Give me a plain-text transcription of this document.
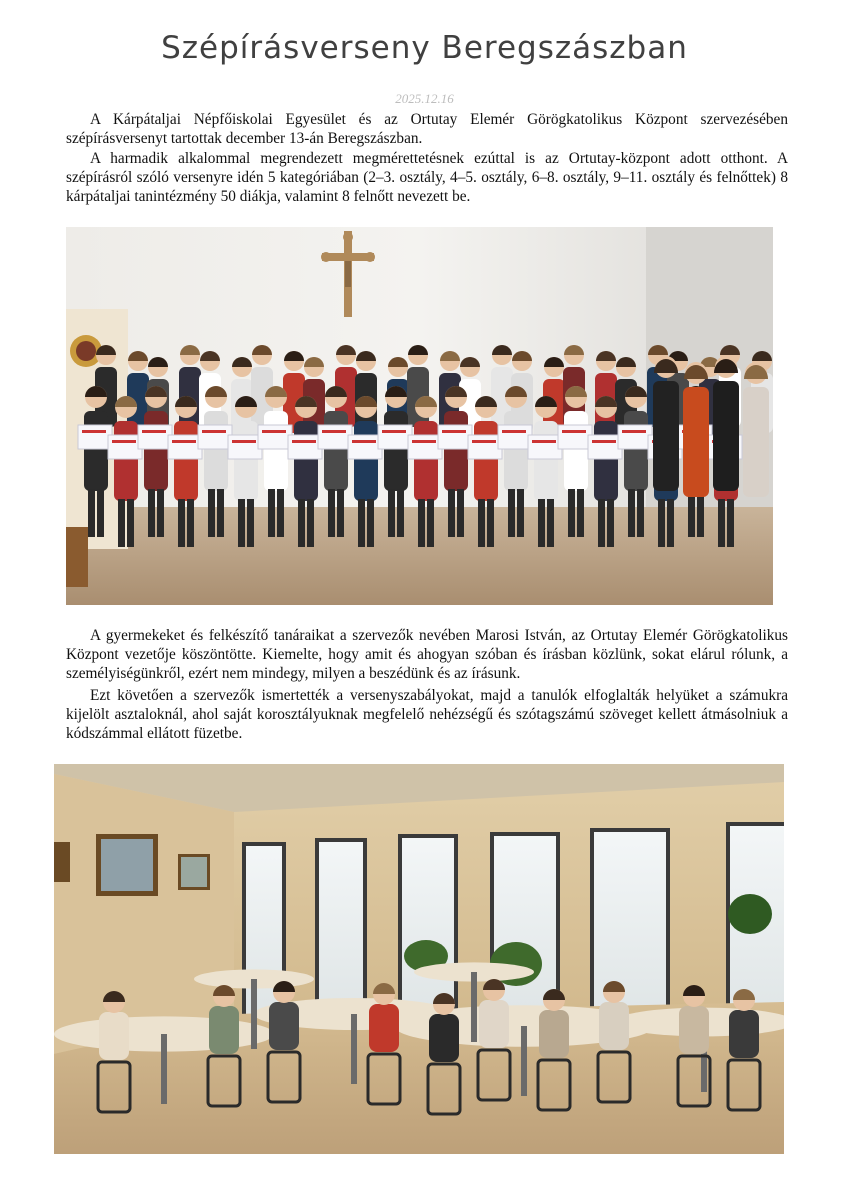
Szépírásverseny Beregszászban
2025.12.16

A Kárpátaljai Népfőiskolai Egyesület és az Ortutay Elemér Görögkatolikus Központ szervezésében szépírásversenyt tartottak december 13-án Beregszászban.

A harmadik alkalommal megrendezett megmérettetésnek ezúttal is az Ortutay-központ adott otthont. A szépírásról szóló versenyre idén 5 kategóriában (2–3. osztály, 4–5. osztály, 6–8. osztály, 9–11. osztály és felnőttek) 8 kárpátaljai tanintézmény 50 diákja, valamint 8 felnőtt nevezett be.

A gyermekeket és felkészítő tanáraikat a szervezők nevében Marosi István, az Ortutay Elemér Görögkatolikus Központ vezetője köszöntötte. Kiemelte, hogy amit és ahogyan szóban és írásban közlünk, sokat elárul rólunk, a személyiségünkről, ezért nem mindegy, milyen a beszédünk és az írásunk.

Ezt követően a szervezők ismertették a versenyszabályokat, majd a tanulók elfoglalták helyüket a számukra kijelölt asztaloknál, ahol saját korosztályuknak megfelelő nehézségű és szótagszámú szöveget kellett átmásolniuk a kódszámmal ellátott füzetbe.
